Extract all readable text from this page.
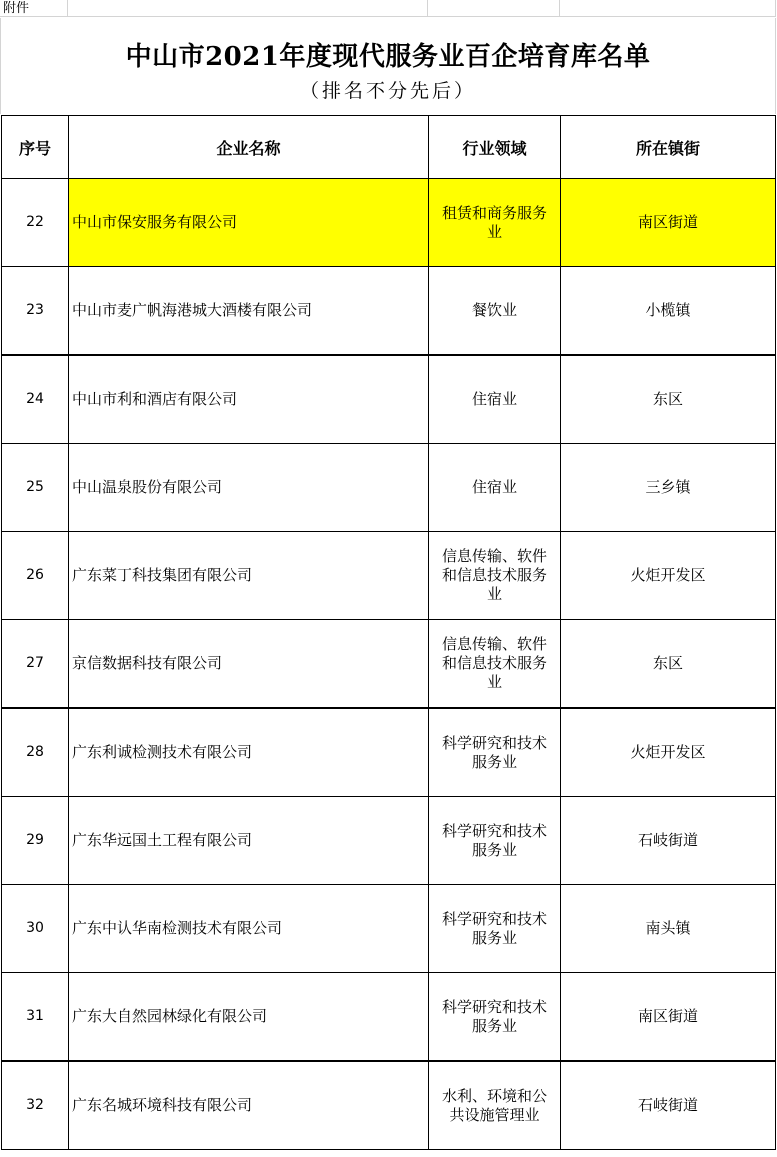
附件
中山市2021年度现代服务业百企培育库名单
（排名不分先后）
序号	企业名称	行业领域	所在镇街
22	中山市保安服务有限公司	租赁和商务服务业	南区街道
23	中山市麦广帆海港城大酒楼有限公司	餐饮业	小榄镇
24	中山市利和酒店有限公司	住宿业	东区
25	中山温泉股份有限公司	住宿业	三乡镇
26	广东菜丁科技集团有限公司	信息传输、软件和信息技术服务业	火炬开发区
27	京信数据科技有限公司	信息传输、软件和信息技术服务业	东区
28	广东利诚检测技术有限公司	科学研究和技术服务业	火炬开发区
29	广东华远国土工程有限公司	科学研究和技术服务业	石岐街道
30	广东中认华南检测技术有限公司	科学研究和技术服务业	南头镇
31	广东大自然园林绿化有限公司	科学研究和技术服务业	南区街道
32	广东名城环境科技有限公司	水利、环境和公共设施管理业	石岐街道
